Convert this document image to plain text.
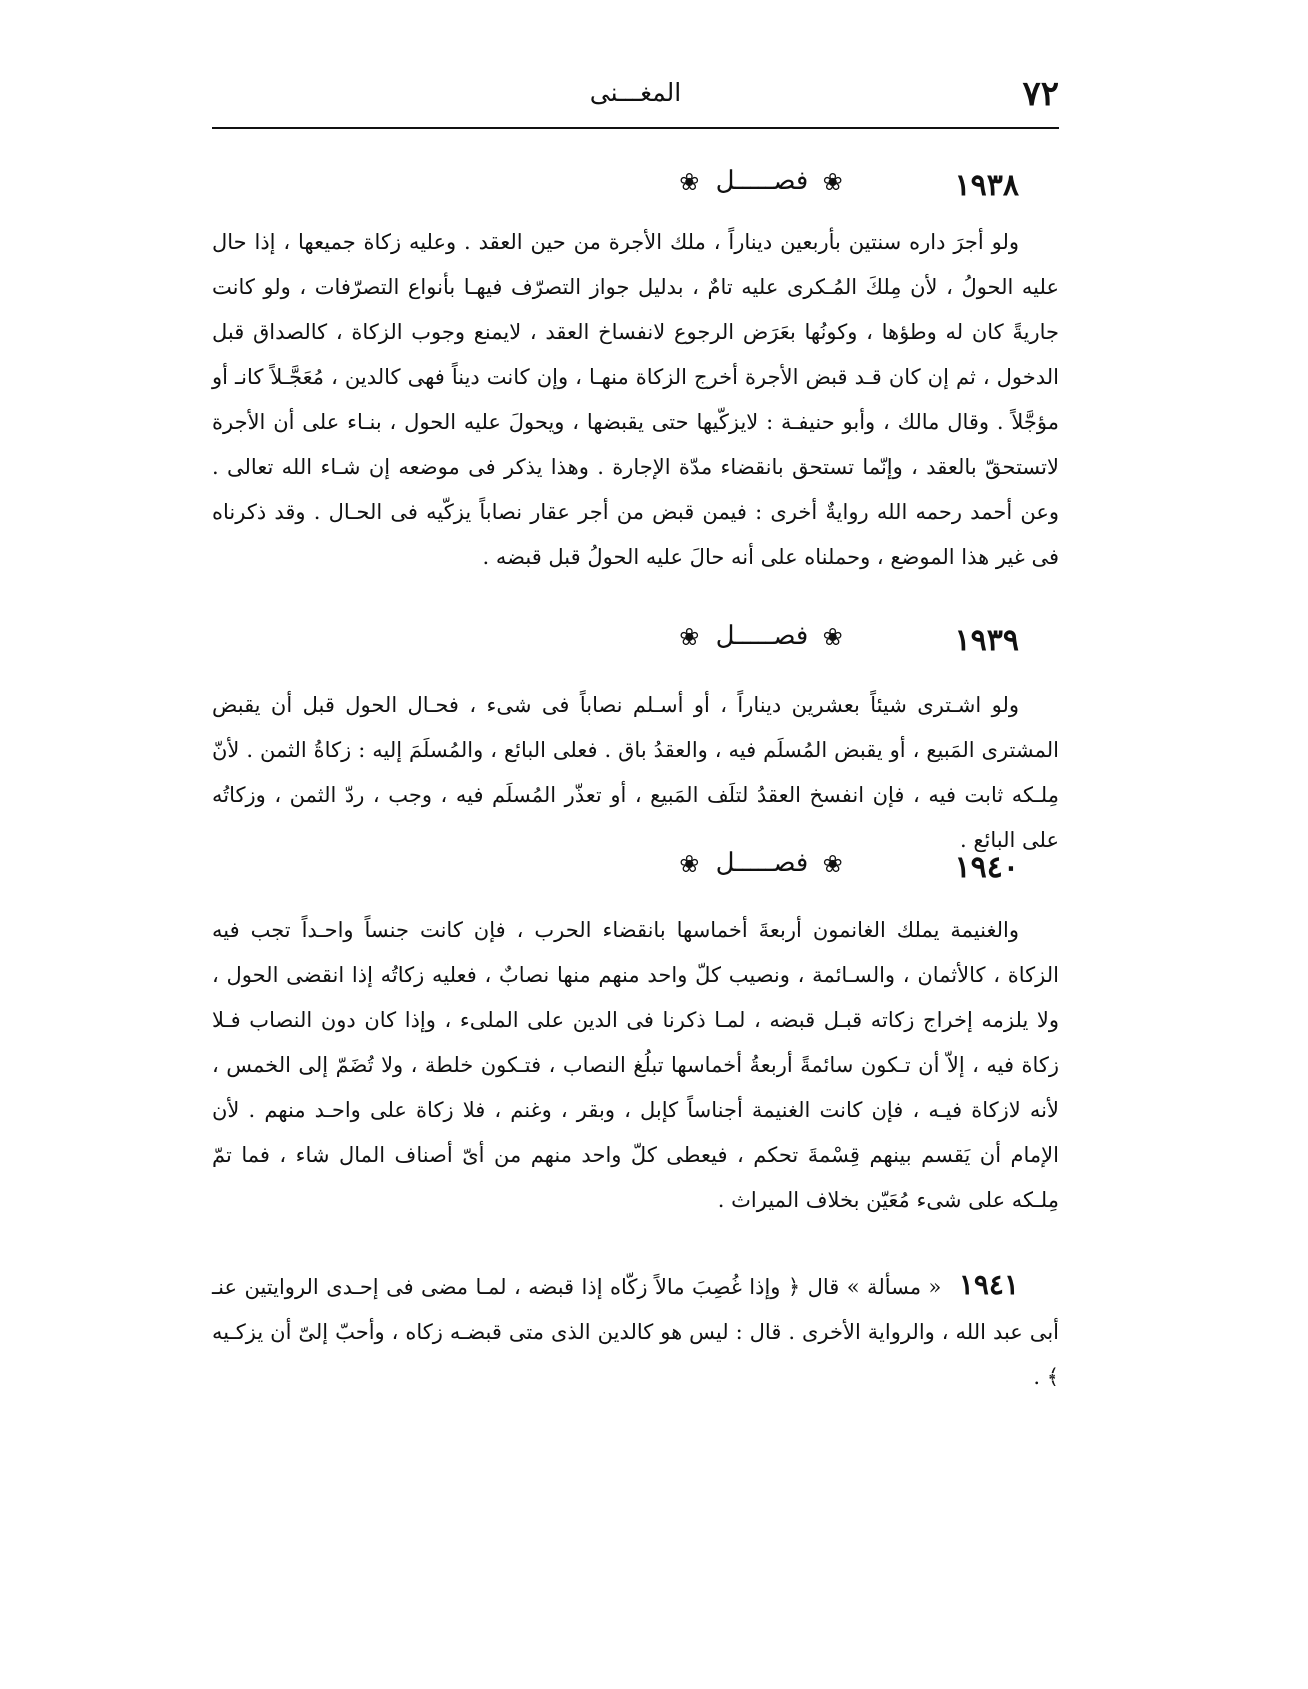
٧٢
المغـــنى
١٩٣٨
❀ فصـــــل ❀

ولو أجرَ داره سنتين بأربعين ديناراً ، ملك الأجرة من حين العقد . وعليه زكاة جميعها ، إذا حال عليه الحولُ ، لأن مِلكَ المُـكرى عليه تامٌ ، بدليل جواز التصرّف فيهـا بأنواع التصرّفات ، ولو كانت جاريةً كان له وطؤها ، وكونُها بعَرَض الرجوع لانفساخ العقد ، لايمنع وجوب الزكاة ، كالصداق قبل الدخول ، ثم إن كان قـد قبض الأجرة أخرج الزكاة منهـا ، وإن كانت ديناً فهى كالدين ، مُعَجَّـلاً كانـ أو مؤجَّلاً . وقال مالك ، وأبو حنيفـة : لايزكّيها حتى يقبضها ، ويحولَ عليه الحول ، بنـاء على أن الأجرة لاتستحقّ بالعقد ، وإنّما تستحق بانقضاء مدّة الإجارة . وهذا يذكر فى موضعه إن شـاء الله تعالى . وعن أحمد رحمه الله روايةٌ أخرى : فيمن قبض من أجر عقار نصاباً يزكّيه فى الحـال . وقد ذكرناه فى غير هذا الموضع ، وحملناه على أنه حالَ عليه الحولُ قبل قبضه .

١٩٣٩
❀ فصـــــل ❀

ولو اشـترى شيئاً بعشرين ديناراً ، أو أسـلم نصاباً فى شىء ، فحـال الحول قبل أن يقبض المشترى المَبيع ، أو يقبض المُسلَم فيه ، والعقدُ باق . فعلى البائع ، والمُسلَمَ إليه : زكاةُ الثمن . لأنّ مِلـكه ثابت فيه ، فإن انفسخ العقدُ لتلَف المَبيع ، أو تعذّر المُسلَم فيه ، وجب ، ردّ الثمن ، وزكاتُه على البائع .

١٩٤٠
❀ فصـــــل ❀

والغنيمة يملك الغانمون أربعةَ أخماسها بانقضاء الحرب ، فإن كانت جنساً واحـداً تجب فيه الزكاة ، كالأثمان ، والسـائمة ، ونصيب كلّ واحد منهم منها نصابٌ ، فعليه زكاتُه إذا انقضى الحول ، ولا يلزمه إخراج زكاته قبـل قبضه ، لمـا ذكرنا فى الدين على الملىء ، وإذا كان دون النصاب فـلا زكاة فيه ، إلاّ أن تـكون سائمةً أربعةُ أخماسها تبلُغ النصاب ، فتـكون خلطة ، ولا تُضَمّ إلى الخمس ، لأنه لازكاة فيـه ، فإن كانت الغنيمة أجناساً كإبل ، وبقر ، وغنم ، فلا زكاة على واحـد منهم . لأن الإمام أن يَقسم بينهم قِسْمةَ تحكم ، فيعطى كلّ واحد منهم من أىّ أصناف المال شاء ، فما تمّ مِلـكه على شىء مُعَيّن بخلاف الميراث .

١٩٤١ « مسألة » قال ﴿ وإذا غُصِبَ مالاً زكّاه إذا قبضه ، لمـا مضى فى إحـدى الروايتين عنـ أبى عبد الله ، والرواية الأخرى . قال : ليس هو كالدين الذى متى قبضـه زكاه ، وأحبّ إلىّ أن يزكـيه ﴾ .
